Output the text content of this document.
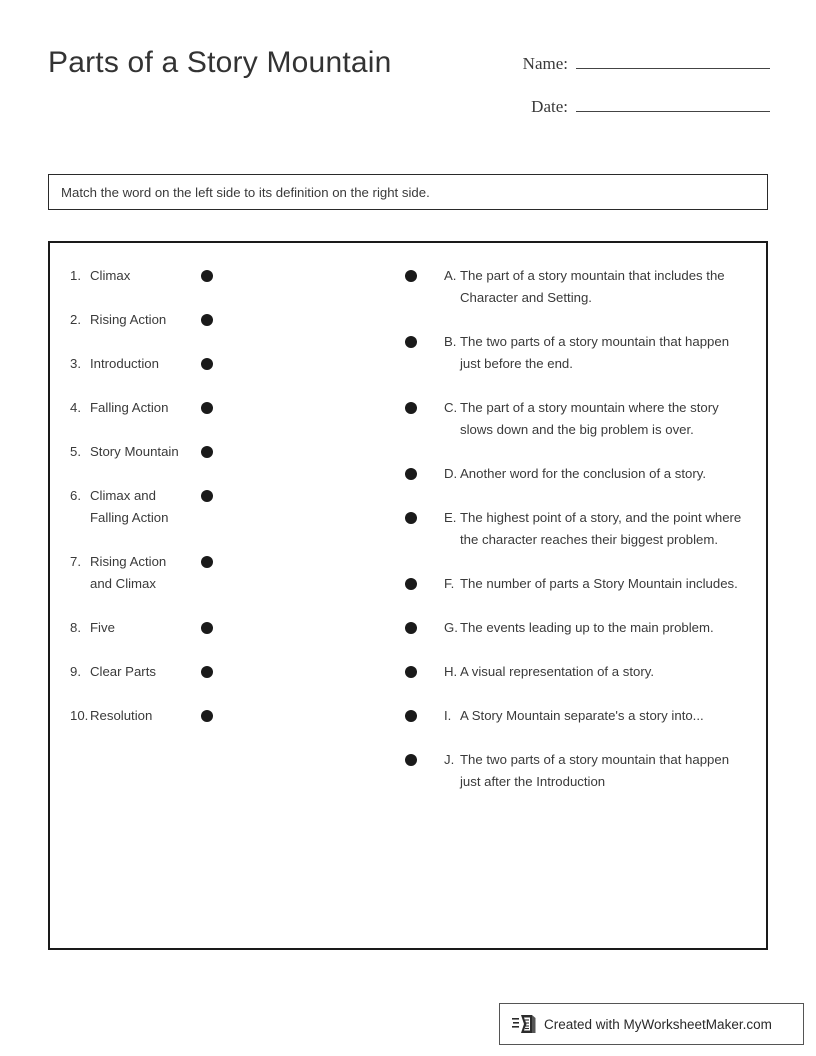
Parts of a Story Mountain	Name:
Date:
Match the word on the left side to its definition on the right side.
1. Climax
2. Rising Action
3. Introduction
4. Falling Action
5. Story Mountain
6. Climax and Falling Action
7. Rising Action and Climax
8. Five
9. Clear Parts
10. Resolution
A. The part of a story mountain that includes the Character and Setting.
B. The two parts of a story mountain that happen just before the end.
C. The part of a story mountain where the story slows down and the big problem is over.
D. Another word for the conclusion of a story.
E. The highest point of a story, and the point where the character reaches their biggest problem.
F. The number of parts a Story Mountain includes.
G. The events leading up to the main problem.
H. A visual representation of a story.
I. A Story Mountain separate's a story into...
J. The two parts of a story mountain that happen just after the Introduction
Created with MyWorksheetMaker.com
